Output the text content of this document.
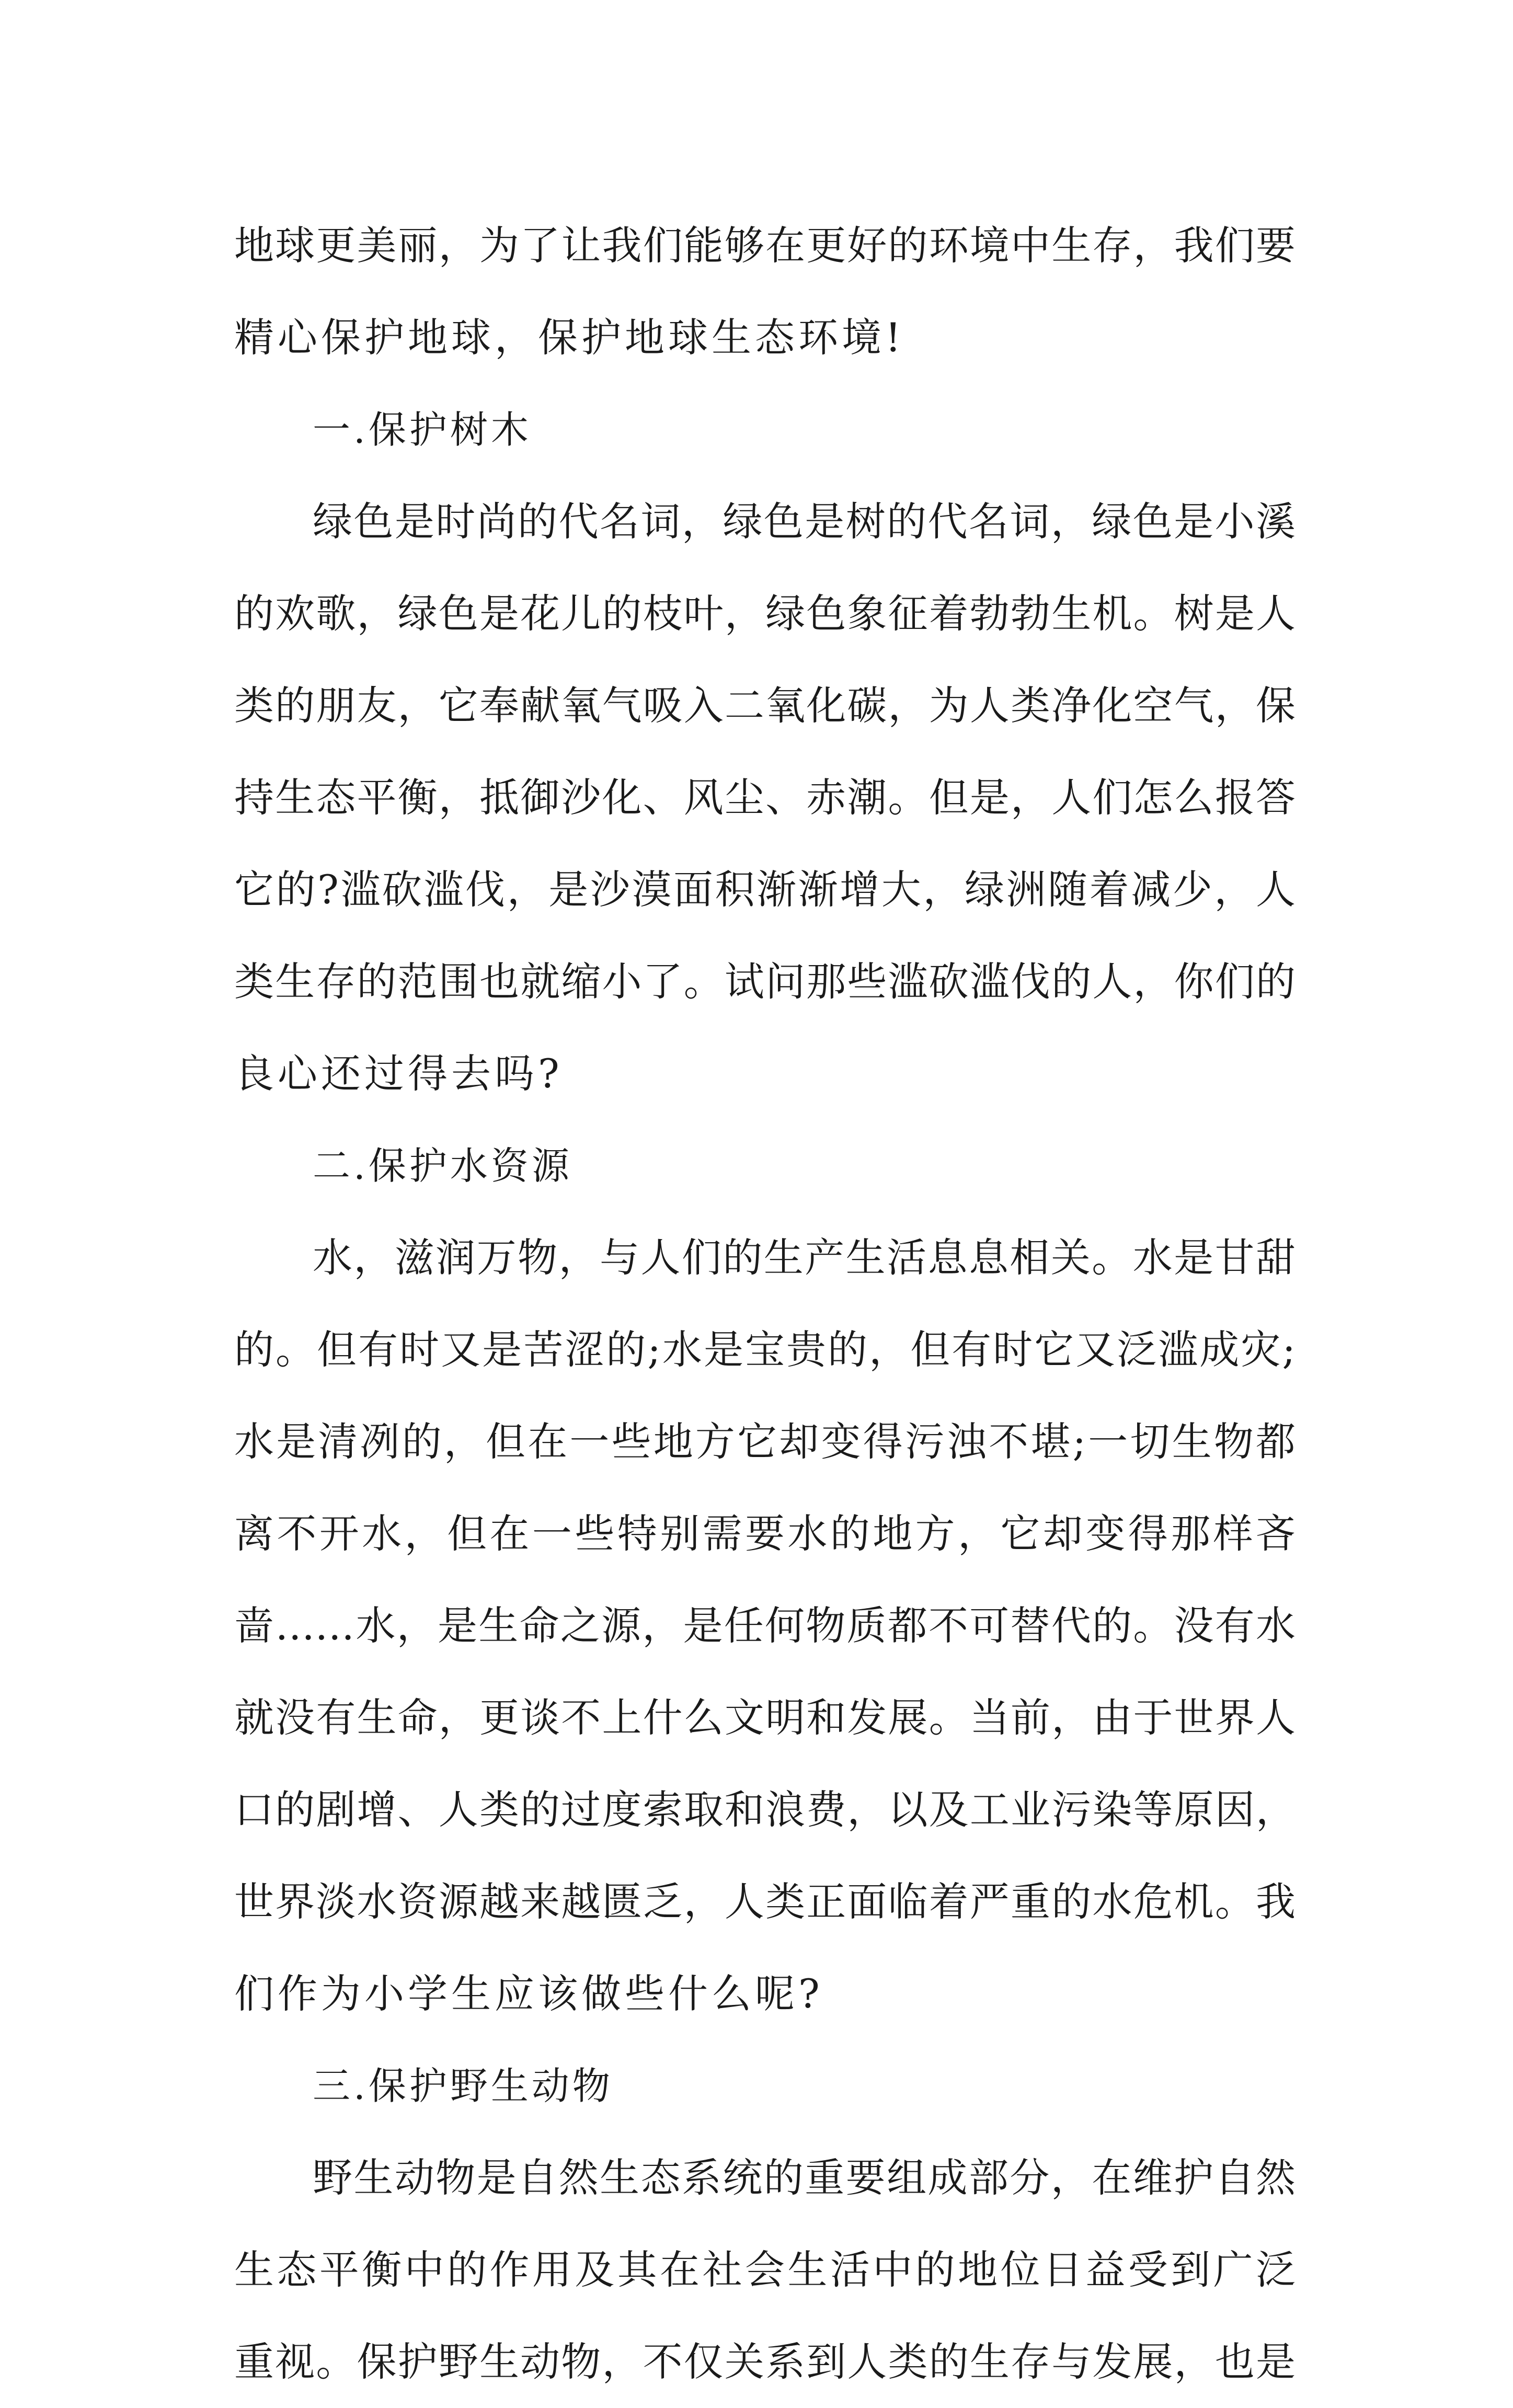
地球更美丽，为了让我们能够在更好的环境中生存，我们要
精心保护地球，保护地球生态环境!
一.保护树木
绿色是时尚的代名词，绿色是树的代名词，绿色是小溪
的欢歌，绿色是花儿的枝叶，绿色象征着勃勃生机。树是人
类的朋友，它奉献氧气吸入二氧化碳，为人类净化空气，保
持生态平衡，抵御沙化、风尘、赤潮。但是，人们怎么报答
它的?滥砍滥伐，是沙漠面积渐渐增大，绿洲随着减少，人
类生存的范围也就缩小了。试问那些滥砍滥伐的人，你们的
良心还过得去吗?
二.保护水资源
水，滋润万物，与人们的生产生活息息相关。水是甘甜
的。但有时又是苦涩的;水是宝贵的，但有时它又泛滥成灾;
水是清冽的，但在一些地方它却变得污浊不堪;一切生物都
离不开水，但在一些特别需要水的地方，它却变得那样吝
啬……水，是生命之源，是任何物质都不可替代的。没有水
就没有生命，更谈不上什么文明和发展。当前，由于世界人
口的剧增、人类的过度索取和浪费，以及工业污染等原因，
世界淡水资源越来越匮乏，人类正面临着严重的水危机。我
们作为小学生应该做些什么呢?
三.保护野生动物
野生动物是自然生态系统的重要组成部分，在维护自然
生态平衡中的作用及其在社会生活中的地位日益受到广泛
重视。保护野生动物，不仅关系到人类的生存与发展，也是
